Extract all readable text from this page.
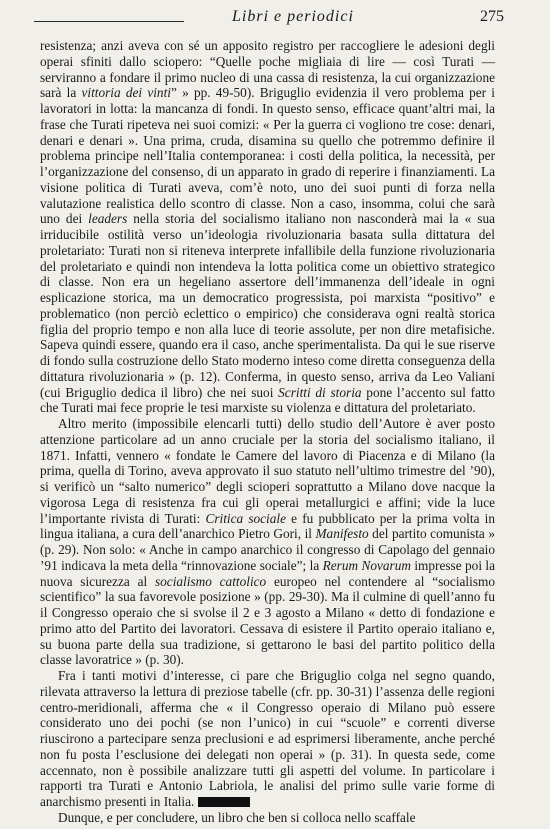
Libri e periodici	275

resistenza; anzi aveva con sé un apposito registro per raccogliere le adesioni degli operai sfiniti dallo sciopero: “Quelle poche migliaia di lire — così Turati — serviranno a fondare il primo nucleo di una cassa di resistenza, la cui organizzazione sarà la vittoria dei vinti” » pp. 49-50). Briguglio evidenzia il vero problema per i lavoratori in lotta: la mancanza di fondi. In questo senso, efficace quant’altri mai, la frase che Turati ripeteva nei suoi comizi: « Per la guerra ci vogliono tre cose: denari, denari e denari ». Una prima, cruda, disamina su quello che potremmo definire il problema principe nell’Italia contemporanea: i costi della politica, la necessità, per l’organizzazione del consenso, di un apparato in grado di reperire i finanziamenti. La visione politica di Turati aveva, com’è noto, uno dei suoi punti di forza nella valutazione realistica dello scontro di classe. Non a caso, insomma, colui che sarà uno dei leaders nella storia del socialismo italiano non nasconderà mai la « sua irriducibile ostilità verso un’ideologia rivoluzionaria basata sulla dittatura del proletariato: Turati non si riteneva interprete infallibile della funzione rivoluzionaria del proletariato e quindi non intendeva la lotta politica come un obiettivo strategico di classe. Non era un hegeliano assertore dell’immanenza dell’ideale in ogni esplicazione storica, ma un democratico progressista, poi marxista “positivo” e problematico (non perciò eclettico o empirico) che considerava ogni realtà storica figlia del proprio tempo e non alla luce di teorie assolute, per non dire metafisiche. Sapeva quindi essere, quando era il caso, anche sperimentalista. Da qui le sue riserve di fondo sulla costruzione dello Stato moderno inteso come diretta conseguenza della dittatura rivoluzionaria » (p. 12). Conferma, in questo senso, arriva da Leo Valiani (cui Briguglio dedica il libro) che nei suoi Scritti di storia pone l’accento sul fatto che Turati mai fece proprie le tesi marxiste su violenza e dittatura del proletariato.

Altro merito (impossibile elencarli tutti) dello studio dell’Autore è aver posto attenzione particolare ad un anno cruciale per la storia del socialismo italiano, il 1871. Infatti, vennero « fondate le Camere del lavoro di Piacenza e di Milano (la prima, quella di Torino, aveva approvato il suo statuto nell’ultimo trimestre del ’90), si verificò un “salto numerico” degli scioperi soprattutto a Milano dove nacque la vigorosa Lega di resistenza fra cui gli operai metallurgici e affini; vide la luce l’importante rivista di Turati: Critica sociale e fu pubblicato per la prima volta in lingua italiana, a cura dell’anarchico Pietro Gori, il Manifesto del partito comunista » (p. 29). Non solo: « Anche in campo anarchico il congresso di Capolago del gennaio ’91 indicava la meta della “rinnovazione sociale”; la Rerum Novarum impresse poi la nuova sicurezza al socialismo cattolico europeo nel contendere al “socialismo scientifico” la sua favorevole posizione » (pp. 29-30). Ma il culmine di quell’anno fu il Congresso operaio che si svolse il 2 e 3 agosto a Milano « detto di fondazione e primo atto del Partito dei lavoratori. Cessava di esistere il Partito operaio italiano e, su buona parte della sua tradizione, si gettarono le basi del partito politico della classe lavoratrice » (p. 30).

Fra i tanti motivi d’interesse, ci pare che Briguglio colga nel segno quando, rilevata attraverso la lettura di preziose tabelle (cfr. pp. 30-31) l’assenza delle regioni centro-meridionali, afferma che « il Congresso operaio di Milano può essere considerato uno dei pochi (se non l’unico) in cui “scuole” e correnti diverse riuscirono a partecipare senza preclusioni e ad esprimersi liberamente, anche perché non fu posta l’esclusione dei delegati non operai » (p. 31). In questa sede, come accennato, non è possibile analizzare tutti gli aspetti del volume. In particolare i rapporti tra Turati e Antonio Labriola, le analisi del primo sulle varie forme di anarchismo presenti in Italia.

Dunque, e per concludere, un libro che ben si colloca nello scaffale
